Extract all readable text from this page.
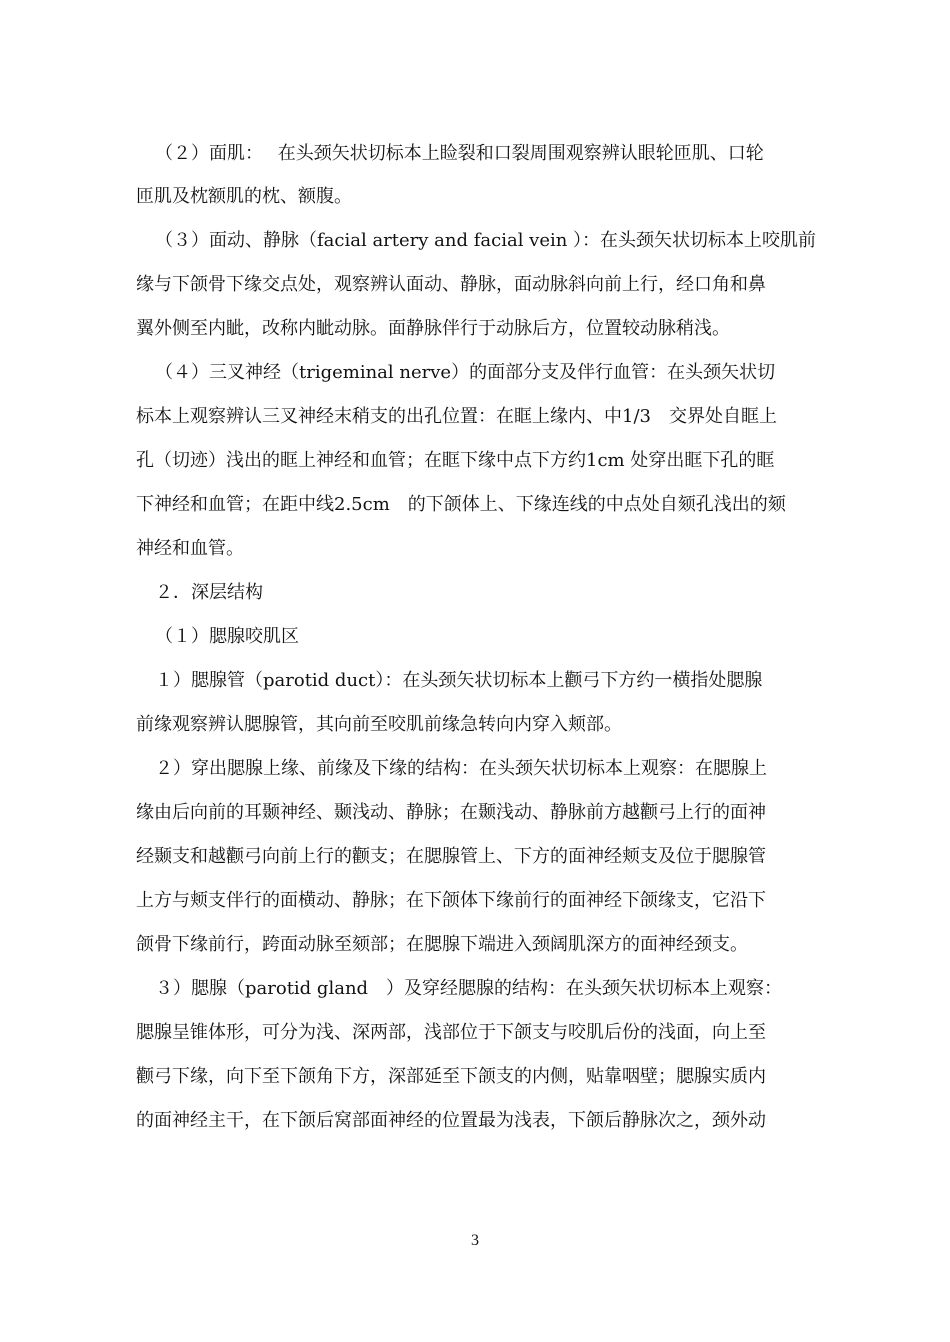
（２）面肌：　 在头颈矢状切标本上睑裂和口裂周围观察辨认眼轮匝肌、口轮
匝肌及枕额肌的枕、额腹。
（３）面动、静脉（facial artery and facial vein ）：在头颈矢状切标本上咬肌前
缘与下颌骨下缘交点处，观察辨认面动、静脉，面动脉斜向前上行，经口角和鼻
翼外侧至内眦，改称内眦动脉。面静脉伴行于动脉后方，位置较动脉稍浅。
（４）三叉神经（trigeminal nerve）的面部分支及伴行血管：在头颈矢状切
标本上观察辨认三叉神经末稍支的出孔位置：在眶上缘内、中1/3　交界处自眶上
孔（切迹）浅出的眶上神经和血管；在眶下缘中点下方约1cm 处穿出眶下孔的眶
下神经和血管；在距中线2.5cm　的下颌体上、下缘连线的中点处自颏孔浅出的颏
神经和血管。
２．深层结构
（１）腮腺咬肌区
１）腮腺管（parotid duct）：在头颈矢状切标本上颧弓下方约一横指处腮腺
前缘观察辨认腮腺管，其向前至咬肌前缘急转向内穿入颊部。
２）穿出腮腺上缘、前缘及下缘的结构：在头颈矢状切标本上观察：在腮腺上
缘由后向前的耳颞神经、颞浅动、静脉；在颞浅动、静脉前方越颧弓上行的面神
经颞支和越颧弓向前上行的颧支；在腮腺管上、下方的面神经颊支及位于腮腺管
上方与颊支伴行的面横动、静脉；在下颌体下缘前行的面神经下颌缘支，它沿下
颌骨下缘前行，跨面动脉至颏部；在腮腺下端进入颈阔肌深方的面神经颈支。
３）腮腺（parotid gland　）及穿经腮腺的结构：在头颈矢状切标本上观察：
腮腺呈锥体形，可分为浅、深两部，浅部位于下颌支与咬肌后份的浅面，向上至
颧弓下缘，向下至下颌角下方，深部延至下颌支的内侧，贴靠咽壁；腮腺实质内
的面神经主干，在下颌后窝部面神经的位置最为浅表，下颌后静脉次之，颈外动
3
